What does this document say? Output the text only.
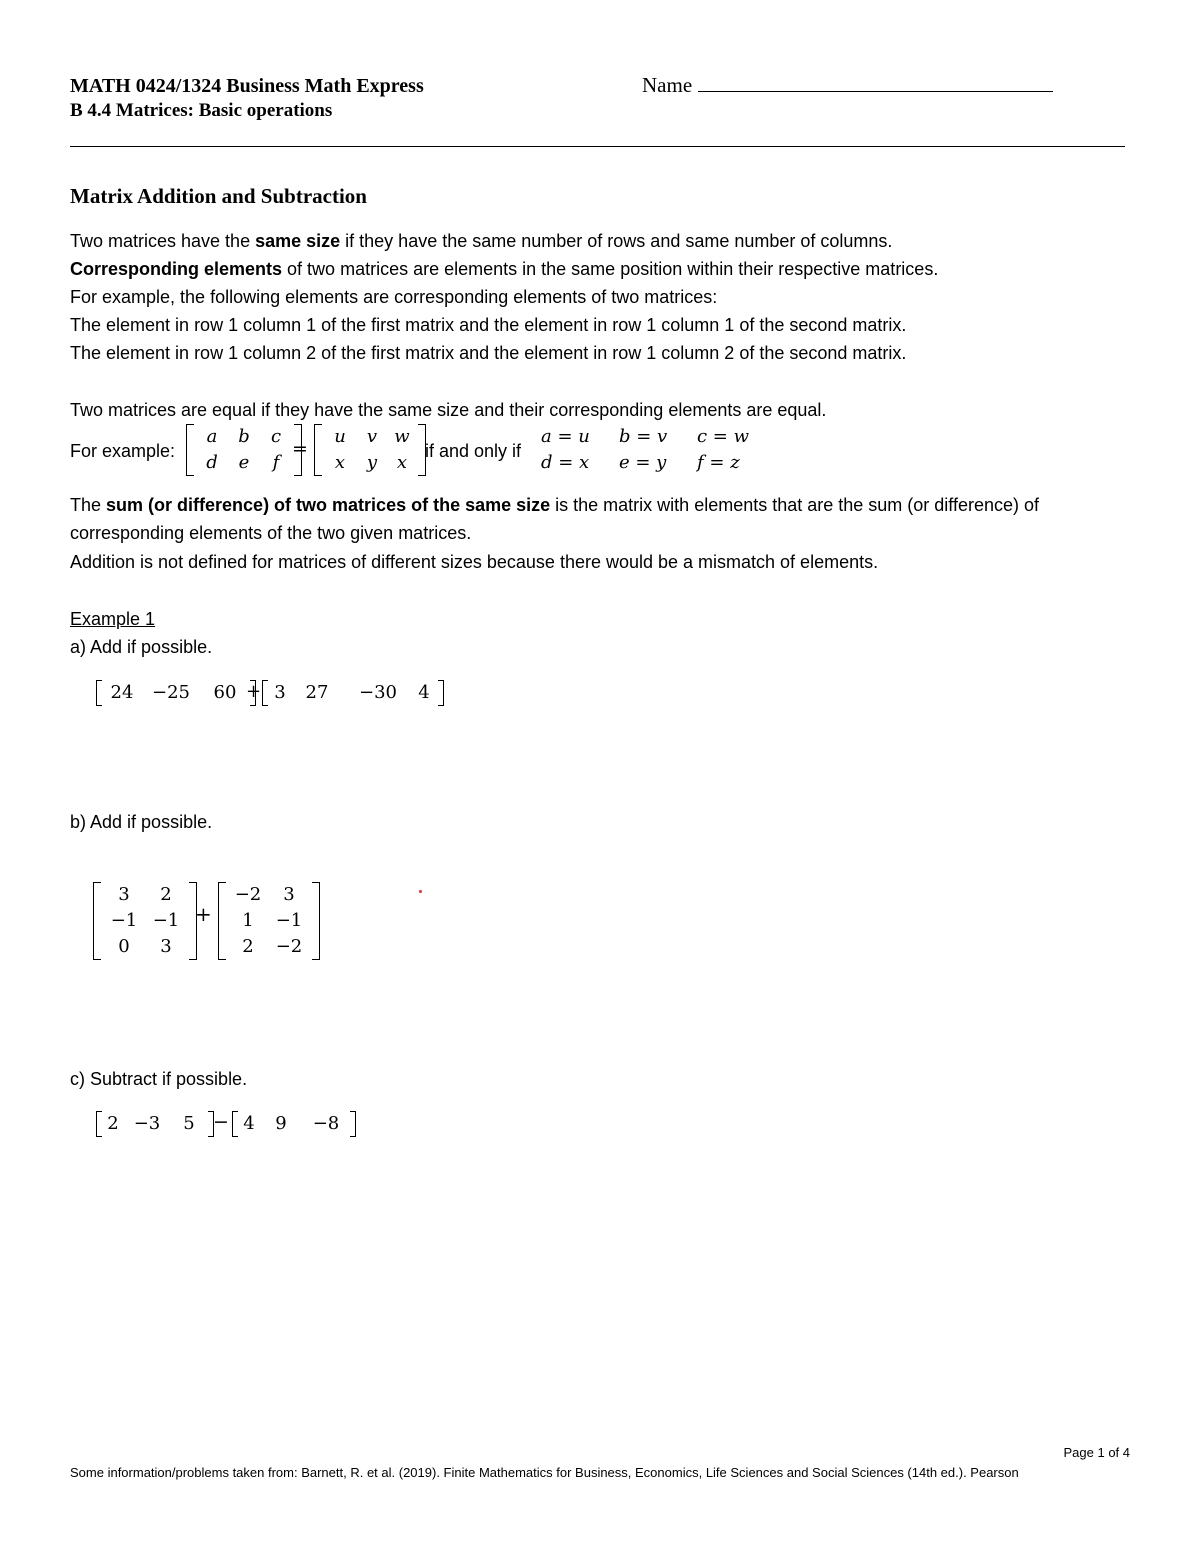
MATH 0424/1324 Business Math Express
B 4.4 Matrices: Basic operations
Name
Matrix Addition and Subtraction
Two matrices have the same size if they have the same number of rows and same number of columns.
Corresponding elements of two matrices are elements in the same position within their respective matrices.
For example, the following elements are corresponding elements of two matrices:
The element in row 1 column 1 of the first matrix and the element in row 1 column 1 of the second matrix.
The element in row 1 column 2 of the first matrix and the element in row 1 column 2 of the second matrix.
Two matrices are equal if they have the same size and their corresponding elements are equal.
For example:
a	b	c
d	e	f
=
u	v w
x	y	x
if and only if
a = u b = v c = w
d = x e = y f = z
The sum (or difference) of two matrices of the same size is the matrix with elements that are the sum (or difference) of
corresponding elements of the two given matrices.
Addition is not defined for matrices of different sizes because there would be a mismatch of elements.
Example 1
a) Add if possible.
24	−25	60 + 3	27	−30	4
b) Add if possible.
3	2
−1 −1
0	3
+
−2	3
1	−1
2	−2
c) Subtract if possible.
2 −3	5 − 4	9	−8
Page 1 of 4
Some information/problems taken from: Barnett, R. et al. (2019). Finite Mathematics for Business, Economics, Life Sciences and Social Sciences (14th ed.). Pearson
